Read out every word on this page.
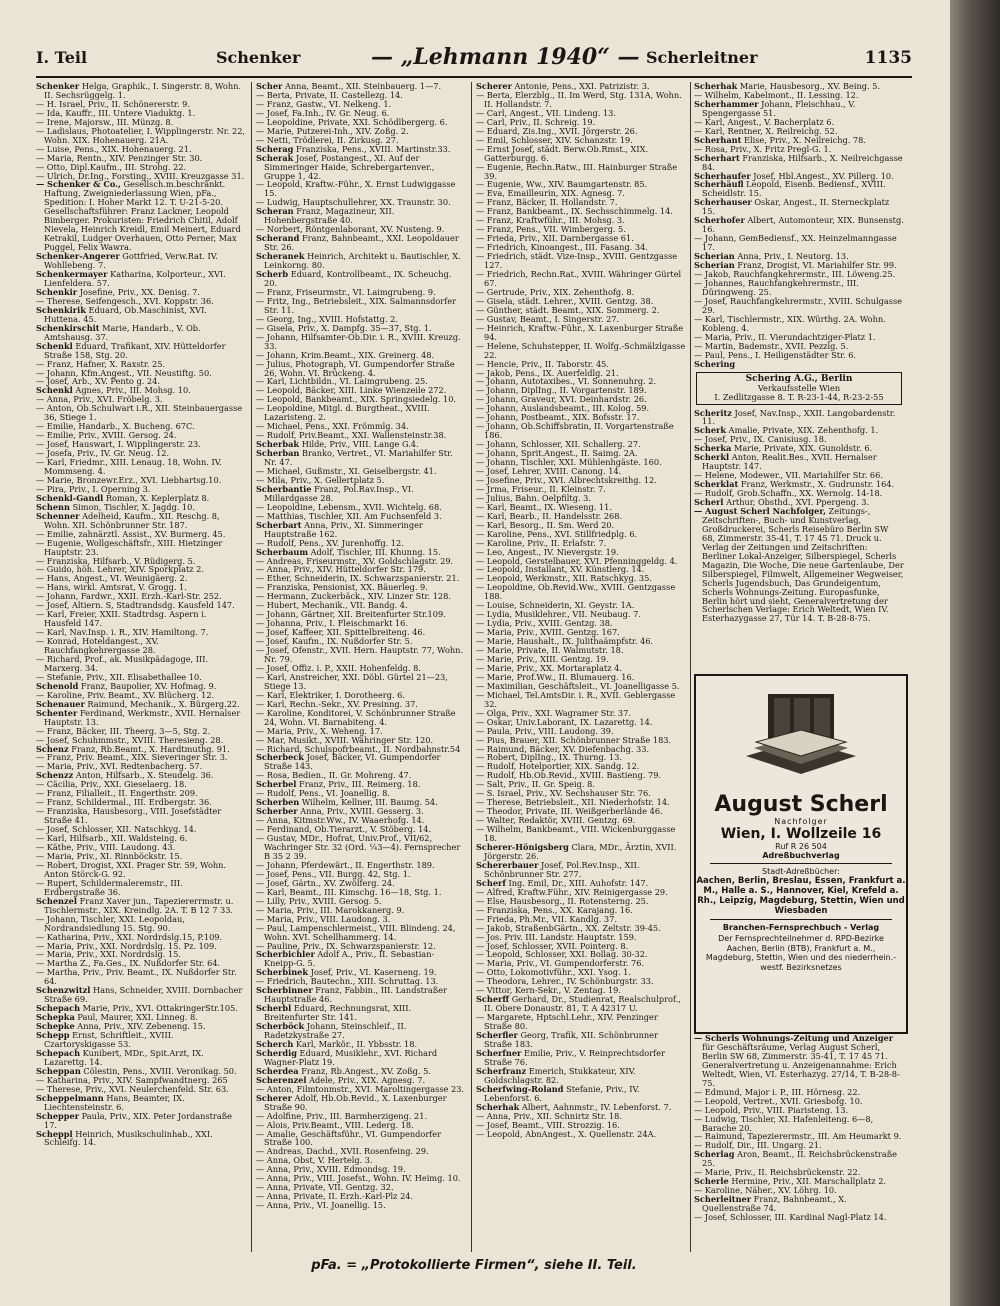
I. Teil	Schenker	— „Lehmann 1940“ — Scherleitner	1135

Schenker Helga, Graphik., I. Singerstr. 8, Wohn. II. Sechsrüggelg. 1.

— H. Israel, Priv., II. Schönererstr. 9.

— Ida, Kauffr., III. Untere Viaduktg. 1.

— Irene, Majorsw., III. Münzg. 8.

— Ladislaus, Photoatelier, I. Wipplingerstr. Nr. 22, Wohn. XIX. Hohenauerg. 21A.

— Luise, Pens., XIX. Hohenauerg. 21.

— Maria, Rentn., XIV. Penzinger Str. 30.

— Otto, Dipl.Kaufm., III. Strohg. 22.

— Ulrich, Dr.Ing., Forsting., XVIII. Kreuzgasse 31.

— Schenker & Co., Gesellsch.m.beschränkt. Haftung, Zweigniederlassung Wien, pFa., Spedition: I. Hoher Markt 12. T. U-21-5-20. Gesellschaftsführer: Franz Lackner, Leopold Bimberger. Prokuristen: Friedrich Chitil, Adolf Nievela, Heinrich Kreidl, Emil Meinert, Eduard Ketrakil, Ludger Overhauen, Otto Perner, Max Puggel, Felix Wawra.

Schenker-Angerer Gottfried, Verw.Rat. IV. Wohllebeng. 7.

Schenkermayer Katharina, Kolporteur., XVI. Lienfeldera. 57.

Schenkir Josefine, Priv., XX. Denisg. 7.

— Therese, Seifengesch., XVI. Koppstr. 36.

Schenkirik Eduard, Ob.Maschinist, XVI. Huttena. 45.

Schenkirschit Marie, Handarb., V. Ob. Amtshausg. 37.

Schenkl Eduard, Trafikant, XIV. Hütteldorfer Straße 158, Stg. 20.

— Franz, Hafner, X. Raxstr. 25.

— Johann, Kfm.Angest., VII. Neustiftg. 50.

— Josef, Arb., XV. Pento g. 24.

Schenkl Agnes, Priv., III. Mohsg. 10.

— Anna, Priv., XVI. Fröbelg. 3.

— Anton, Ob.Schulwart i.R., XII. Steinbauergasse 36, Stiege 1.

— Emilie, Handarb., X. Bucheng. 67C.

— Emilie, Priv., XVIII. Gersog. 24.

— Josef, Hauswart, I. Wipplingerstr. 23.

— Josefa, Priv., IV. Gr. Neug. 12.

— Karl, Friedmr., XIII. Lenaug. 18, Wohn. IV. Mommseng. 4.

— Marie, Bronzewr.Erz., XVI. Liebhartsg.10.

— Pira, Priv., I. Operning 3.

Schenkl-Gandl Roman, X. Keplerplatz 8.

Schenn Simon, Tischler, X. Jagdg. 10.

Schenner Adelheid, Kaufm., XII. Reschg. 8, Wohn. XII. Schönbrunner Str. 187.

— Emilie, zahnärztl. Assist., XV. Burmerg. 45.

— Eugenie, Wollgeschäftsfr., XIII. Hietzinger Hauptstr. 23.

— Franziska, Hilfsarb., V. Rüdigerg. 5.

— Guido, höh. Lehrer, XIV. Sporkplatz 2.

— Hans, Angest., VI. Weunigäerg. 2.

— Hans, wirkl. Amtsrat, V. Grogg. 1.

— Johann, Fardwr., XXII. Erzh.-Karl-Str. 252.

— Josef, Altiern. S, Stadtrandsdg. Kausfeld 147.

— Karl, Freier, XXII. Stadtrdsg. Aspern i. Hausfeld 147.

— Karl, Nav.Insp. i. R., XIV. Hamiltong. 7.

— Konrad, Hoteldangest., XV. Rauchfangkehrergasse 28.

— Richard, Prof., ak. Musikpädagoge, III. Marxerg. 34.

— Stefanie, Priv., XII. Elisabethallee 10.

Schenold Franz, Baupolier, XV. Hofmag. 9.

— Karoline, Priv. Beamt., XV. Blücherg. 12.

Schenauer Raimund, Mechanik., X. Bürgerg.22.

Schenter Ferdinand, Werkmstr., XVII. Hernalser Hauptstr. 13.

— Franz, Bäcker, III. Theerg. 3—5, Stg. 2.

— Josef, Schuhmmstr., XVIII. Theresieng. 28.

Schenz Franz, Rb.Beamt., X. Hardtmuthg. 91.

— Franz, Priv. Beamt., XIX. Sieveringer Str. 3.

— Maria, Priv., XVI. Redtenbacherg. 57.

Schenzz Anton, Hilfsarb., X. Steudelg. 36.

— Cäcilia, Priv., XXI. Gieselaerg. 18.

— Franz, Filialleit., II. Engerthstr. 209.

— Franz, Schildermal., III. Erdbergstr. 36.

— Franziska, Hausbesorg., VIII. Josefstädter Straße 41.

— Josef, Schlosser, XII. Natschkyg. 14.

— Karl, Hilfsarb., XII. Waldsteing. 6.

— Käthe, Priv., VIII. Laudong. 43.

— Maria, Priv., XI. Rinnböckstr. 15.

— Robert, Drogist, XXI. Prager Str. 59, Wohn. Anton Störck-G. 92.

— Rupert, Schildermaleremstr., III. Erdbergstraße 36.

Schenzel Franz Xaver jun., Tapeziererrmstr. u. Tischlermstr., XIX. Kreindlg. 2A. T. B 12 7 33.

— Johann, Tischler, XXI. Leopoldau, Nordrandsiedlung 15. Stg. 90.

— Katharina, Priv., XXI. Nordrdslg.15, P.109.

— Maria, Priv., XXI. Nordrdslg. 15. Pz. 109.

— Maria, Priv., XXI. Nordrdslg. 15.

— Martha Z., Fa.Ges., IX. Nußdorfer Str. 64.

— Martha, Priv., Priv. Beamt., IX. Nußdorfer Str. 64.

Schenzwitzl Hans, Schneider, XVIII. Dornbacher Straße 69.

Schepach Marie, Priv., XVI. OttakringerStr.105.

Schepka Paul, Maurer, XXI. Linneg. 8.

Schepke Anna, Priv., XIV. Zebeneng. 15.

Schepp Ernst, Schriftleit., XVIII. Czartoryskigasse 53.

Schepach Kunibert, MDr., Spit.Arzt, IX. Lazarettg. 14.

Scheppan Cölestin, Pens., XVIII. Veronikag. 50.

— Katharina, Priv., XIV. Sampfwandtnerg. 265

— Therese, Priv., XVI. Neulerchenfeld. Str. 63.

Scheppelmann Hans, Beamter, IX. Liechtensteinstr. 6.

Schepper Paula, Priv., XIX. Peter Jordanstraße 17.

Scheppl Heinrich, Musikschulinhab., XXI. Schleifg. 14.

Scher Anna, Beamt., XII. Steinbauerg. 1—7.

— Berta, Private, II. Castellezg. 14.

— Franz, Gastw., VI. Nelkeng. 1.

— Josef, Fa.Inh., IV. Gr. Neug. 6.

— Leopoldine, Private, XXI. Schödlbergerg. 6.

— Marie, Putzerei-Inh., XIV. Zoßg. 2.

— Netti, Trödlerei, II. Zirkusg. 27.

Scherag Franziska, Pens., XVIII. Martinstr.33.

Scherak Josef, Postangest., XI. Auf der Simmeringer Haide, Schrebergartenver., Gruppe 1, 42.

— Leopold, Kraftw.-Führ., X. Ernst Ludwiggasse 15.

— Ludwig, Hauptschullehrer, XX. Traunstr. 30.

Scheran Franz, Magazineur, XII. Hohenbergstraße 40.

— Norbert, Röntgenlaborant, XV. Nusteng. 9.

Scherand Franz, Bahnbeamt., XXI. Leopoldauer Str. 26.

Scheranek Heinrich, Architekt u. Bautischler, X. Leinkorng. 80.

Scherb Eduard, Kontrollbeamt., IX. Scheuchg. 20.

— Franz, Friseurmstr., VI. Laimgrubeng. 9.

— Fritz, Ing., Betriebsleit., XIX. Salmannsdorfer Str. 11.

— Georg, Ing., XVIII. Hofstattg. 2.

— Gisela, Priv., X. Dampfg. 35—37, Stg. 1.

— Johann, Hilfsamter-Ob.Dir. i. R., XVIII. Kreuzg. 33.

— Johann, Krim.Beamt., XIX. Greinerg. 48.

— Julius, Photograph, VI. Gumpendorfer Straße 26, Wohn. VI. Brückeng. 4.

— Karl, Lichtbildn., VI. Laimgrubeng. 25.

— Leopold, Bäcker, XIII. Linke Wienzeile 272.

— Leopold, Bankbeamt., XIX. Springsiedelg. 10.

— Leopoldine, Mitgl. d. Burgtheat., XVIII. Lazaristeng. 2.

— Michael, Pens., XXI. Frömmlg. 34.

— Rudolf, Priv.Beamt., XXI. Wallensteinstr.38.

Scherbak Hilde, Priv., VIII. Lange G.4.

Scherban Branko, Vertret., VI. Mariahilfer Str. Nr. 47.

— Michael, Gußmstr., XI. Geiselbergstr. 41.

— Mila, Priv., X. Gellertplatz 5.

Scherbantie Franz, Pol.Rav.Insp., VI. Millardgasse 28.

— Leopoldine, Lebensm., XVII. Wichtelg. 68.

— Matthias, Tischler, XII. Am Fuchsenfeld 3.

Scherbart Anna, Priv., XI. Simmeringer Hauptstraße 162.

— Rudolf, Pens., XV. Jurenhoffg. 12.

Scherbaum Adolf, Tischler, III. Khunng. 15.

— Andreas, Friseurmstr., XV. Goldschlagstr. 29.

— Anna, Priv., XIV. Hütteldorfer Str. 179.

— Ether, Schneiderin, IX. Schwarzspanierstr. 21.

— Franziska, Pensionist, XX. Bäuerleg. 9.

— Hermann, Zuckerbäck., XIV. Linzer Str. 128.

— Hubert, Mechanik., VII. Bandg. 4.

— Johann, Gärtner, XII. Breitenfurter Str.109.

— Johanna, Priv., I. Fleischmarkt 16.

— Josef, Kaffeer, XII. Spittelbreiteng. 46.

— Josef, Kaufm., IX. Nußdorfer Str. 5.

— Josef, Ofenstr., XVII. Hern. Hauptstr. 77, Wohn. Nr. 79.

— Josef, Offiz. i. P., XXII. Hohenfeldg. 8.

— Karl, Anstreicher, XXI. Döbl. Gürtel 21—23, Stiege 13.

— Karl, Elektriker, I. Dorotheerg. 6.

— Karl, Rechn.-Sekr., XV. Presinng. 37.

— Karoline, Konditorei, V. Schönbrunner Straße 24, Wohn. VI. Barnabiteng. 4.

— Maria, Priv., X. Weheng. 17.

— Mar, Musikt., XVIII. Währinger Str. 120.

— Richard, Schulspofrbeamt., II. Nordbahnstr.54

Scherbeck Josef, Bäcker, VI. Gumpendorfer Straße 143.

— Rosa, Bedien., II. Gr. Mohreng. 47.

Scherbel Franz, Priv., III. Reimerg. 18.

— Rudolf, Pens., VI. Joanellig. 8.

Scherben Wilhelm, Kellner, III. Baumg. 54.

Scherber Anna, Priv., XVIII. Gesserg. 3.

— Anna, Kitmstr.Ww., IV. Waaerhofg. 14.

— Ferdinand, Ob.Tierarzt., V. Stöberg. 14.

— Gustav, MDr., Hofrat, Univ.Prof., VII/62, Wachringer Str. 32 (Ord. ¼3—4). Fernsprecher B 35 2 39.

— Johann, Pferdewärt., II. Engerthstr. 189.

— Josef, Pens., VII. Burgg. 42, Stg. 1.

— Josef, Gärtn., XV. Zwölferg. 24.

— Karl, Beamt., III. Kimschg. 16—18, Stg. 1.

— Lilly, Priv., XVIII. Gersog. 5.

— Maria, Priv., III. Marokkanerg. 9.

— Maria, Priv., VIII. Laudong. 3.

— Paul, Lampenschlermeist., VIII. Blindeng. 24, Wohn. XVI. Schellhammerg. 14.

— Pauline, Priv., IX. Schwarzspanierstr. 12.

Scherbichler Adolf A., Priv., II. Sebastian-Kneipp-G. 5.

Scherbinek Josef, Priv., VI. Kaserneng. 19.

— Friedrich, Bautechn., XIII. Schruttag. 13.

Scherbinner Franz, Fabbin., III. Landstraßer Hauptstraße 46.

Scherbl Eduard, Rechnungsrat, XIII. Breitenfurter Str. 141.

Scherböck Johann, Steinschleif., II. Radetzkystraße 27.

Scherch Karl, Markör., II. Ybbsstr. 18.

Scherdig Eduard, Musiklehr., XVI. Richard Wagner-Platz 19.

Scherdea Franz, Rb.Angest., XV. Zoßg. 5.

Scherenzel Adele, Priv., XIX. Agnesg. 7.

— Anton, Filmtonmstr., XVI. Maroltingergasse 23.

Scherer Adolf, Hb.Ob.Revid., X. Laxenburger Straße 90.

— Adolfine, Priv., III. Barmherzigeng. 21.

— Alois, Priv.Beamt., VIII. Lederg. 18.

— Amalie, Geschäftsführ., VI. Gumpendorfer Straße 100.

— Andreas, Dachd., XVII. Rosenfeing. 29.

— Anna, Obst, V. Hertelg. 3.

— Anna, Priv., XVIII. Edmondsg. 19.

— Anna, Priv., VIII. Josefst., Wohn. IV. Heimg. 10.

— Anna, Private, VII. Gentzg. 32.

— Anna, Private, II. Erzh.-Karl-Plz 24.

— Anna, Priv., VI. Joanellig. 15.

Scherer Antonie, Pens., XXI. Patrizistr. 3.

— Berta, Elerzblg., II. Im Werd, Stg. 131A, Wohn. II. Hollandstr. 7.

— Carl, Angest., VII. Lindeng. 13.

— Carl, Priv., II. Schreig. 19.

— Eduard, Zis.Ing., XVII. Jörgerstr. 26.

— Emil, Schlosser, XIV. Schanzstr. 19.

— Ernst Josef, städt. Berw.Ob.Rmst., XIX. Gatterburgg. 6.

— Eugenie, Rechn.Ratw., III. Hainburger Straße 39.

— Eugenie, Ww., XIV. Baumgartenstr. 85.

— Eva, Emailleurin, XIX. Agnesg. 7.

— Franz, Bäcker, II. Hollandstr. 7.

— Franz, Bankbeamt., IX. Sechsschimmelg. 14.

— Franz, Kraftwführ., III. Mohsg. 3.

— Franz, Pens., VII. Wimbergerg. 5.

— Frieda, Priv., XII. Darnbergasse 61.

— Friedrich, Kinoangest., III. Fasang. 34.

— Friedrich, städt. Vize-Insp., XVIII. Gentzgasse 127.

— Friedrich, Rechn.Rat., XVIII. Währinger Gürtel 67.

— Gertrude, Priv., XIX. Zehenthofg. 8.

— Gisela, städt. Lehrer., XVIII. Gentzg. 38.

— Günther, städt. Beamt., XIX. Sommerg. 2.

— Gustav, Beamt., I. Singerstr. 27.

— Heinrich, Kraftw.-Führ., X. Laxenburger Straße 94.

— Helene, Schuhstepper, II. Wolfg.-Schmälzlgasse 22.

— Hencie, Priv., II. Taborstr. 45.

— Jakob, Pens., IX. Auerfeldlg. 21.

— Johann, Autotaxibes., VI. Sonnenuhrg. 2.

— Johann, DiplIng., II. Vorgartenstr. 189.

— Johann, Graveur, XVI. Deinhardstr. 26.

— Johann, Auslandsbeamt., III. Kolog. 59.

— Johann, Postbeamt., XIX. Bofsstr. 17.

— Johann, Ob.Schiffsbratin, II. Vorgartenstraße 186.

— Johann, Schlosser, XII. Schallerg. 27.

— Johann, Sprit.Angest., II. Saimg. 2A.

— Johann, Tischler, XXI. Mühlenhgäste. 160.

— Josef, Lehrer, XVIII. Canong. 14.

— Josefine, Priv., XVI. Albrechtskreithg. 12.

— Jrma, Friseur., II. Kleinstr. 7.

— Julius, Bahn. Oelpfiltg. 3.

— Karl, Beamt., IX. Wieseng. 11.

— Karl, Bearb., II. Handelsstr. 268.

— Karl, Besorg., II. Sm. Werd 20.

— Karoline, Pens., XVI. Stillfriedplg. 6.

— Karoline, Priv., II. Erlafstr. 7.

— Leo, Angest., IV. Nievergstr. 19.

— Leopold, Gerstelbauer, XVI. Pfenninggeldg. 4.

— Leopold, Installant, XV. Künstlerg. 14.

— Leopold, Werkmstr., XII. Ratschkyg. 35.

— Leopoldine, Ob.Revid.Ww., XVIII. Gentzgasse 188.

— Louise, Schneiderin, XI. Geystr. 1A.

— Lydia, Musiklehrer., VII. Neubaug. 7.

— Lydia, Priv., XVIII. Gentzg. 38.

— Maria, Priv., XVIII. Gentzg. 167.

— Marie, Haushalt., IX. Julithaämpfstr. 46.

— Marie, Private, II. Walmutstr. 18.

— Marie, Priv., XIII. Gentzg. 19.

— Marie, Priv., XX. Mortaraplatz 4.

— Marie, Prof.Ww., II. Blumauerg. 16.

— Maximilian, Geschäftsleit., VI. Joanelligasse 5.

— Michael, Tel.AmtsDir. i. R., XVII. Geblergasse 32.

— Olga, Priv., XXI. Wagramer Str. 37.

— Oskar, Univ.Laborant, IX. Lazarettg. 14.

— Paula, Priv., VIII. Laudong. 39.

— Pius, Brauer, XII. Schönbrunner Straße 183.

— Raimund, Bäcker, XV. Diefenbachg. 33.

— Robert, DiplIng., IX. Thurng. 13.

— Rudolf, Hotelportier, XIX. Sandg. 12.

— Rudolf, Hb.Ob.Revid., XVIII. Bastieng. 79.

— Salt, Priv., II. Gr. Speig. 8.

— S. Israel, Priv., XV. Sechshauser Str. 76.

— Therese, Betriebsleit., XII. Niederhofstr. 14.

— Theodor, Private, III. Weißgerberlände 46.

— Walter, Redaktör, XVIII. Gentzg. 69.

— Wilhelm, Bankbeamt., VIII. Wickenburggasse 18.

Scherer-Hönigsberg Clara, MDr., Ärztin, XVII. Jörgerstr. 26.

Schererbauer Josef, Pol.Rev.Insp., XII. Schönbrunner Str. 277.

Scherf Ing. Emil, Dr., XIII. Auhofstr. 147.

— Alfred, Kraftw.Führ., XIV. Reinigergasse 29.

— Else, Hausbesorg., II. Rotensterng. 25.

— Franziska, Pens., XX. Karajang. 16.

— Frieda, Ph.Mr., VII. Kandlg. 37.

— Jakob, StraßenbGärtn., XX. Zeltstr. 39-45.

— Jos. Priv. III. Landstr. Hauptstr. 159.

— Josef, Schlosser, XVII. Pointerg. 8.

— Leopold, Schlosser, XXI. Bollag. 30-32.

— Maria, Priv., VI. Gumpendorferstr. 76.

— Otto, Lokomotivführ., XXI. Ysog. 1.

— Theodora, Lehrer., IV. Schönburgstr. 33.

— Vittor, Kern-Sekr., V. Zentag. 19.

Scherff Gerhard, Dr., Studienrat, Realschulprof., II. Obere Donaustr. 81, T. A 42317 U.

— Margarete, Hptschl.Lehr., XIV. Penzinger Straße 80.

Scherfler Georg, Trafik, XII. Schönbrunner Straße 183.

Scherfner Emilie, Priv., V. Reinprechtsdorfer Straße 76.

Scherfranz Emerich, Stukkateur, XIV. Goldschlagstr. 82.

Scherfwing-Roland Stefanie, Priv., IV. Lebenforst. 6.

Scherhak Albert, Aahnmstr., IV. Lebenforst. 7.

— Anna, Priv., XII. Schnirtz Str. 18.

— Josef, Beamt., VIII. Strozzig. 16.

— Leopold, AbnAngest., X. Quellenstr. 24A.

Scherhak Marie, Hausbesorg., XV. Being. 5.

— Wilhelm, Kabelmont., II. Lessing. 12.

Scherhammer Johann, Fleischhau., V. Spengergasse 51.

— Karl, Angest., V. Bacherplatz 6.

— Karl, Rentner, X. Reilreichg. 52.

Scherhant Elise, Priv., X. Neilreichg. 78.

— Rosa, Priv., X. Fritz Pregl-G. 1.

Scherhart Franziska, Hilfsarb., X. Neilreichgasse 84.

Scherhaufer Josef, Hbl.Angest., XV. Pillerg. 10.

Scherhäufl Leopold, Eisenb. Bediensf., XVIII. Scheidlstr. 15.

Scherhauser Oskar, Angest., II. Sterneckplatz 15.

Scherhofer Albert, Automonteur, XIX. Bunsenstg. 16.

— Johann, GemBediensf., XX. Heinzelmanngasse 17.

Scherian Anna, Priv., I. Neutorg. 13.

Scherian Franz, Drogist, VI. Mariahilfer Str. 99.

— Jakob, Rauchfangkehrermstr., III. Löweng.25.

— Johannes, Rauchfangkehrermstr., III. Düringweng. 25.

— Josef, Rauchfangkehrermstr., XVIII. Schulgasse 29.

— Karl, Tischlermstr., XIX. Würthg. 2A. Wohn. Kobleng. 4.

— Maria, Priv., II. Vierundachtziger-Platz 1.

— Martin, Bademstr., XVII. Pezzlg. 5.

— Paul, Pens., I. Heiligenstädter Str. 6.

Schering

Schering A.G., Berlin
Verkaufsstelle Wien
I. Zedlitzgasse 8. T. R-23-1-44, R-23-2-55

Scheritz Josef, Nav.Insp., XXII. Langobardenstr. 11.

Scherk Amalie, Private, XIX. Zehenthofg. 1.

— Josef, Priv., IX. Canisiusg. 18.

Scherka Marie, Private, XIX. Gunoldstr. 6.

Scherkl Anton, Realit.Bes., XVII. Hernalser Hauptstr. 147.

— Helene, Modewer., VII. Mariahilfer Str. 66.

Scherklat Franz, Werkmstr., X. Gudrunstr. 164.

— Rudolf, Grob.Schaffn., XX. Wernolg. 14-18.

Scherl Arthur, Obsthd., XVI. Ppergeng. 3.

— August Scherl Nachfolger, Zeitungs-, Zeitschriften-, Buch- und Kunstverlag, Großdruckerei, Scherls Reisebüro Berlin SW 68, Zimmerstr. 35-41, T. 17 45 71. Druck u. Verlag der Zeitungen und Zeitschriften: Berliner Lokal-Anzeiger, Silberspiegel, Scherls Magazin, Die Woche, Die neue Gartenlaube, Der Silberspiegel, Filmwelt, Allgemeiner Wegweiser, Scherls Jugendsbuch, Das Grundeigentum, Scherls Wohnungs-Zeitung. Europasfunke, Berlin hört und sieht, Generalvertretung der Scherlschen Verlage: Erich Weltedt, Wien IV. Esterhazygasse 27, Tür 14. T. B-28-8-75.

August Scherl
Nachfolger
Wien, I. Wollzeile 16
Ruf R 26 504
Adreßbuchverlag
Stadt-Adreßbücher:
Aachen, Berlin, Breslau, Essen, Frankfurt a. M., Halle a. S., Hannover, Kiel, Krefeld a. Rh., Leipzig, Magdeburg, Stettin, Wien und Wiesbaden
Branchen-Fernsprechbuch - Verlag
Der Fernsprechteilnehmer d. RPD-Bezirke Aachen, Berlin (BTB), Frankfurt a. M., Magdeburg, Stettin, Wien und des niederrhein.-westf. Bezirksnetzes

— Scherls Wohnungs-Zeitung und Anzeiger für Geschäftsräume, Verlag August Scherl, Berlin SW 68, Zimmerstr. 35-41, T. 17 45 71. Generalvertretung u. Anzeigenannahme: Erich Weltedt, Wien, VI. Esterhazyg. 27/14, T. B-28-8-75.

— Edmund, Major i. P., III. Hörnesg. 22.

— Leopold, Vertret., XVII. Griesbofg. 10.

— Leopold, Priv., VIII. Piaristeng. 13.

— Ludwig, Tischler, XI. Hafenleiteng. 6—8, Barache 20.

— Raimund, Tapezierermstr., III. Am Heumarkt 9.

— Rudolf, Dir., III. Ungarg. 21.

Scherlag Aron, Beamt., II. Reichsbrückenstraße 25.

— Marie, Priv., II. Reichsbrückenstr. 22.

Scherle Hermine, Priv., XII. Marschallplatz 2.

— Karoline, Näher., XV. Löhrg. 10.

Scherleitner Franz, Bahnbeamt., X. Quellenstraße 74.

— Josef, Schlosser, III. Kardinal Nagl-Platz 14.

pFa. = „Protokollierte Firmen“, siehe II. Teil.
